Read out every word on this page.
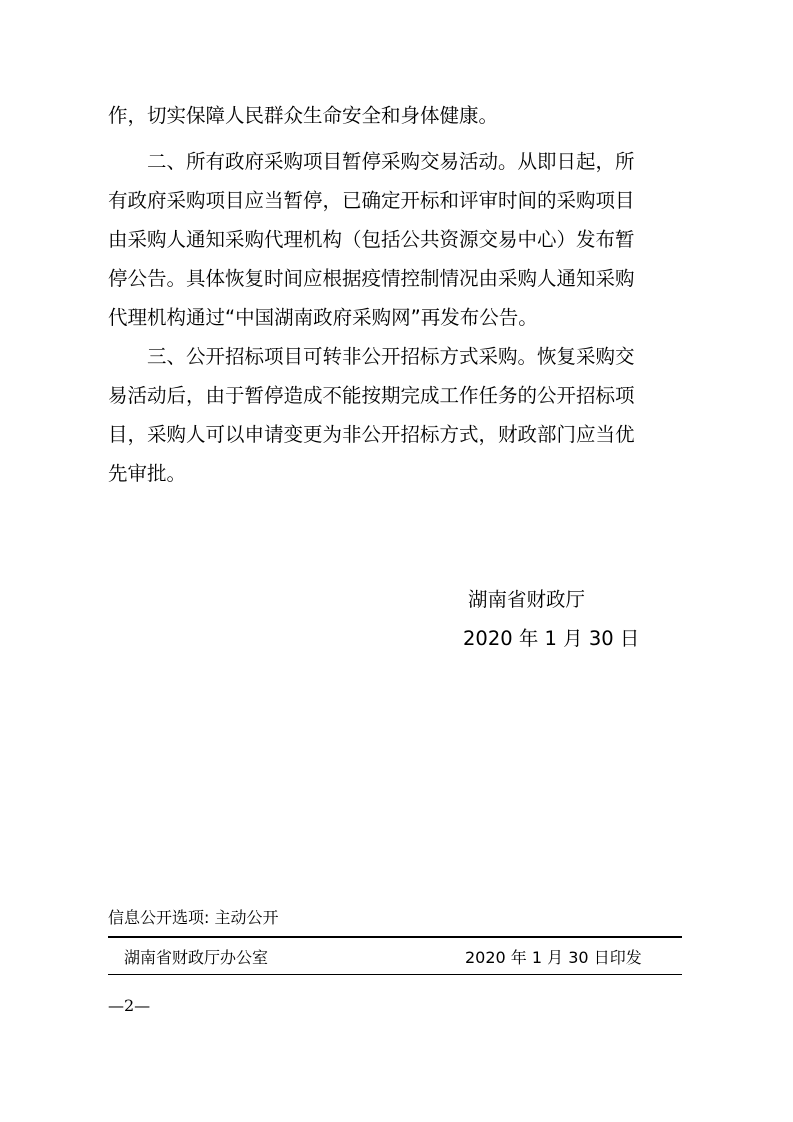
作，切实保障人民群众生命安全和身体健康。

　　二、所有政府采购项目暂停采购交易活动。从即日起，所

有政府采购项目应当暂停，已确定开标和评审时间的采购项目

由采购人通知采购代理机构（包括公共资源交易中心）发布暂

停公告。具体恢复时间应根据疫情控制情况由采购人通知采购

代理机构通过“中国湖南政府采购网”再发布公告。

　　三、公开招标项目可转非公开招标方式采购。恢复采购交

易活动后，由于暂停造成不能按期完成工作任务的公开招标项

目，采购人可以申请变更为非公开招标方式，财政部门应当优

先审批。

湖南省财政厅
2020 年 1 月 30 日
信息公开选项: 主动公开
湖南省财政厅办公室	2020 年 1 月 30 日印发
—2—
